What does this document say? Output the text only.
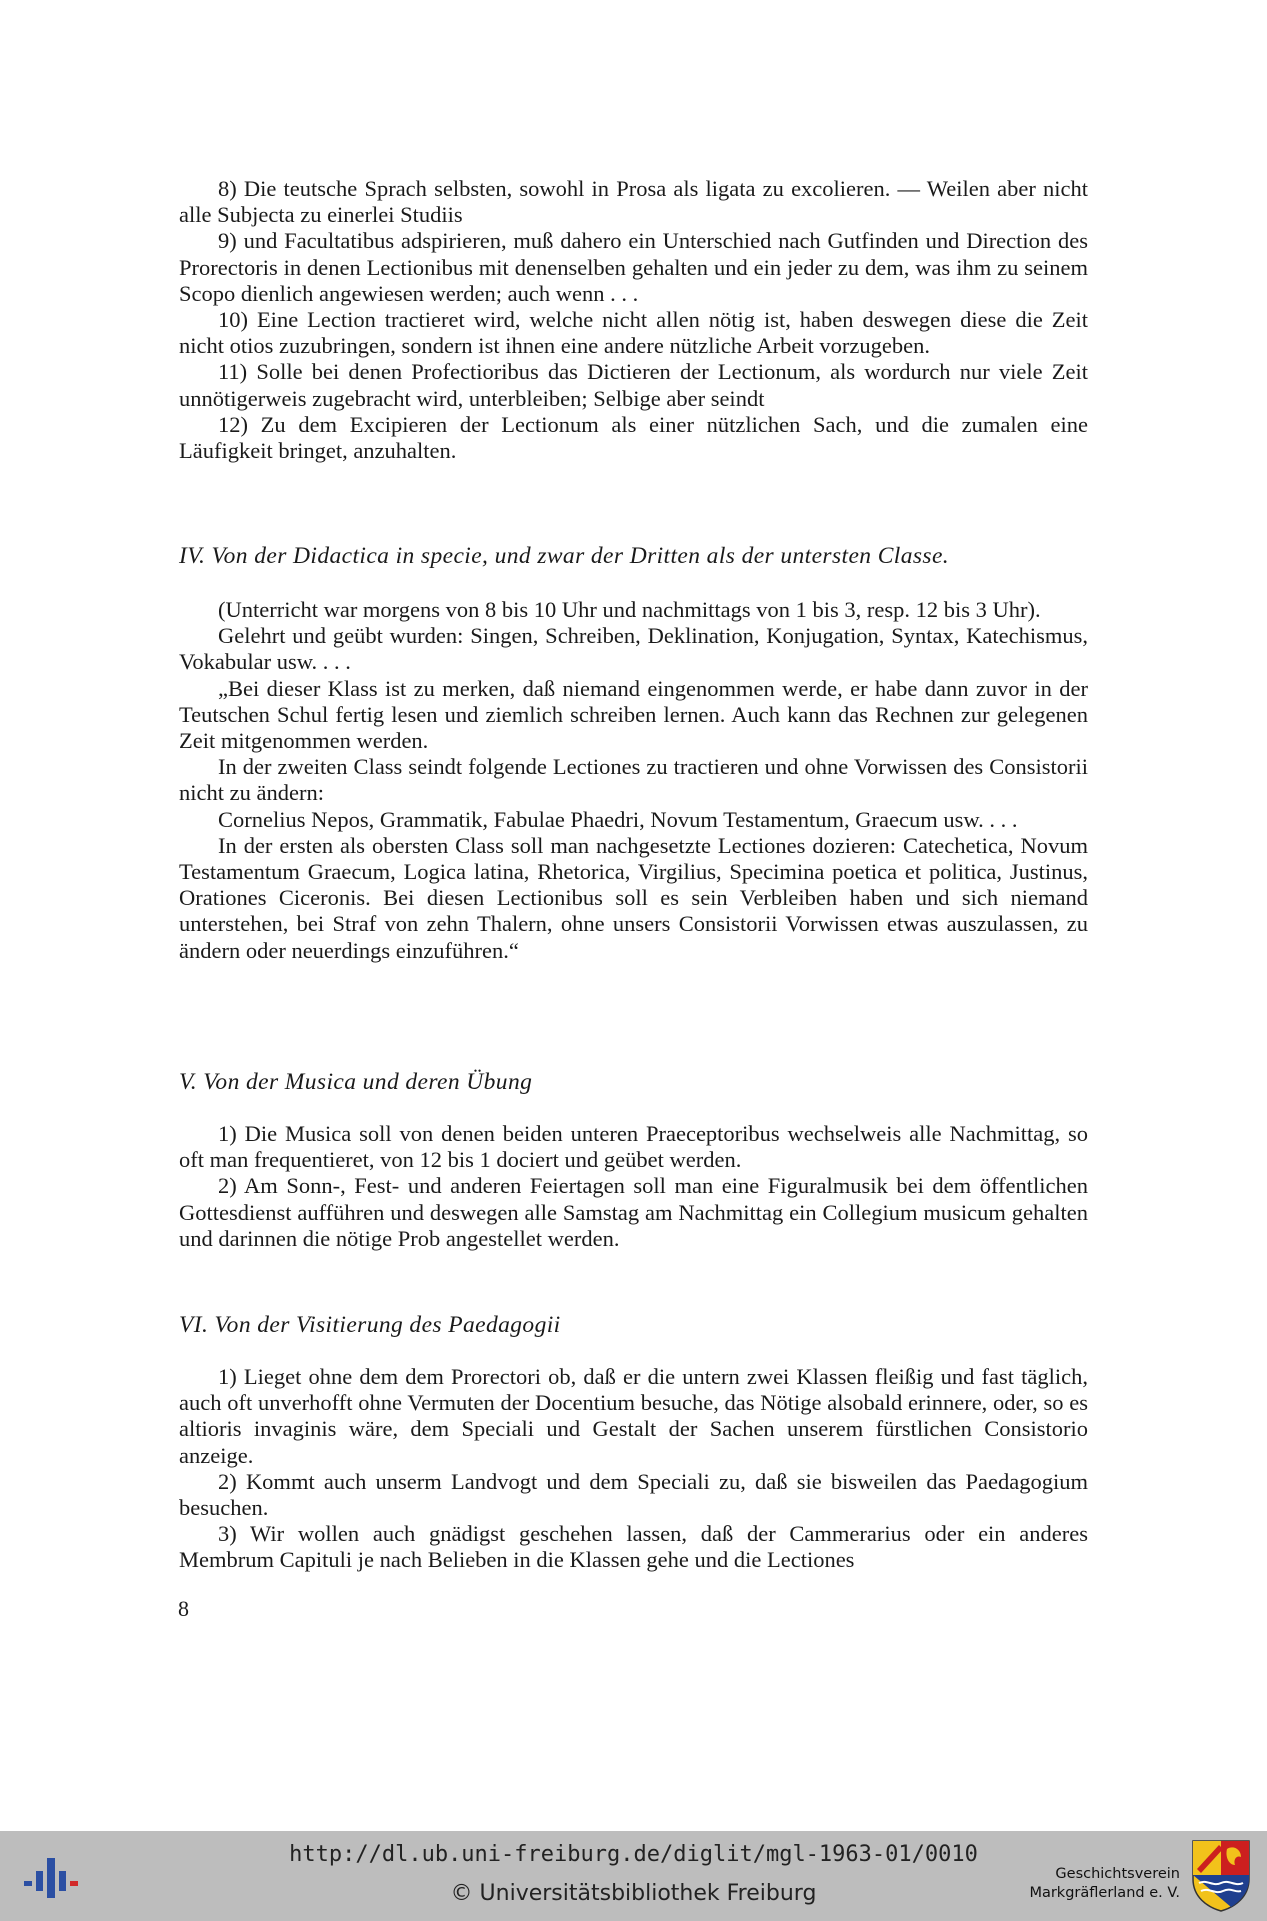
8) Die teutsche Sprach selbsten, sowohl in Prosa als ligata zu excolieren. — Weilen aber nicht alle Subjecta zu einerlei Studiis

9) und Facultatibus adspirieren, muß dahero ein Unterschied nach Gutfinden und Direction des Prorectoris in denen Lectionibus mit denenselben gehalten und ein jeder zu dem, was ihm zu seinem Scopo dienlich angewiesen werden; auch wenn . . .

10) Eine Lection tractieret wird, welche nicht allen nötig ist, haben deswegen diese die Zeit nicht otios zuzubringen, sondern ist ihnen eine andere nützliche Arbeit vorzugeben.

11) Solle bei denen Profectioribus das Dictieren der Lectionum, als wordurch nur viele Zeit unnötigerweis zugebracht wird, unterbleiben; Selbige aber seindt

12) Zu dem Excipieren der Lectionum als einer nützlichen Sach, und die zumalen eine Läufigkeit bringet, anzuhalten.

IV. Von der Didactica in specie, und zwar der Dritten als der untersten Classe.

(Unterricht war morgens von 8 bis 10 Uhr und nachmittags von 1 bis 3, resp. 12 bis 3 Uhr).

Gelehrt und geübt wurden: Singen, Schreiben, Deklination, Konjugation, Syntax, Katechismus, Vokabular usw. . . .

„Bei dieser Klass ist zu merken, daß niemand eingenommen werde, er habe dann zuvor in der Teutschen Schul fertig lesen und ziemlich schreiben lernen. Auch kann das Rechnen zur gelegenen Zeit mitgenommen werden.

In der zweiten Class seindt folgende Lectiones zu tractieren und ohne Vorwissen des Consistorii nicht zu ändern:

Cornelius Nepos, Grammatik, Fabulae Phaedri, Novum Testamentum, Graecum usw. . . .

In der ersten als obersten Class soll man nachgesetzte Lectiones dozieren: Catechetica, Novum Testamentum Graecum, Logica latina, Rhetorica, Virgilius, Specimina poetica et politica, Justinus, Orationes Ciceronis. Bei diesen Lectionibus soll es sein Verbleiben haben und sich niemand unterstehen, bei Straf von zehn Thalern, ohne unsers Consistorii Vorwissen etwas auszulassen, zu ändern oder neuerdings einzuführen.“

V. Von der Musica und deren Übung

1) Die Musica soll von denen beiden unteren Praeceptoribus wechselweis alle Nachmittag, so oft man frequentieret, von 12 bis 1 dociert und geübet werden.

2) Am Sonn-, Fest- und anderen Feiertagen soll man eine Figuralmusik bei dem öffentlichen Gottesdienst aufführen und deswegen alle Samstag am Nachmittag ein Collegium musicum gehalten und darinnen die nötige Prob angestellet werden.

VI. Von der Visitierung des Paedagogii

1) Lieget ohne dem dem Prorectori ob, daß er die untern zwei Klassen fleißig und fast täglich, auch oft unverhofft ohne Vermuten der Docentium besuche, das Nötige alsobald erinnere, oder, so es altioris invaginis wäre, dem Speciali und Gestalt der Sachen unserem fürstlichen Consistorio anzeige.

2) Kommt auch unserm Landvogt und dem Speciali zu, daß sie bisweilen das Paedagogium besuchen.

3) Wir wollen auch gnädigst geschehen lassen, daß der Cammerarius oder ein anderes Membrum Capituli je nach Belieben in die Klassen gehe und die Lectiones

8
http://dl.ub.uni-freiburg.de/diglit/mgl-1963-01/0010
© Universitätsbibliothek Freiburg
Geschichtsverein
Markgräflerland e. V.
